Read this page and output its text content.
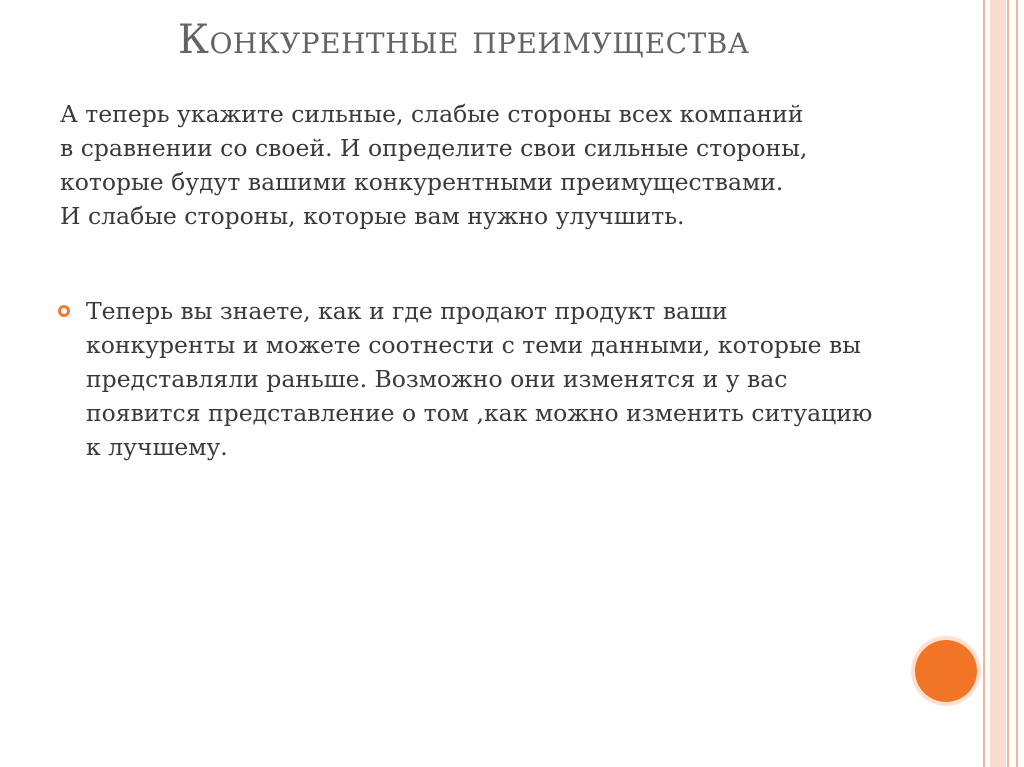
Конкурентные преимущества

А теперь укажите сильные, слабые стороны всех компаний
в сравнении со своей. И определите свои сильные стороны,
которые будут вашими конкурентными преимуществами.
И слабые стороны, которые вам нужно улучшить.

Теперь вы знаете, как и где продают продукт ваши
конкуренты и можете соотнести с теми данными, которые вы
представляли раньше. Возможно они изменятся и у вас
появится представление о том ,как можно изменить ситуацию
к лучшему.
